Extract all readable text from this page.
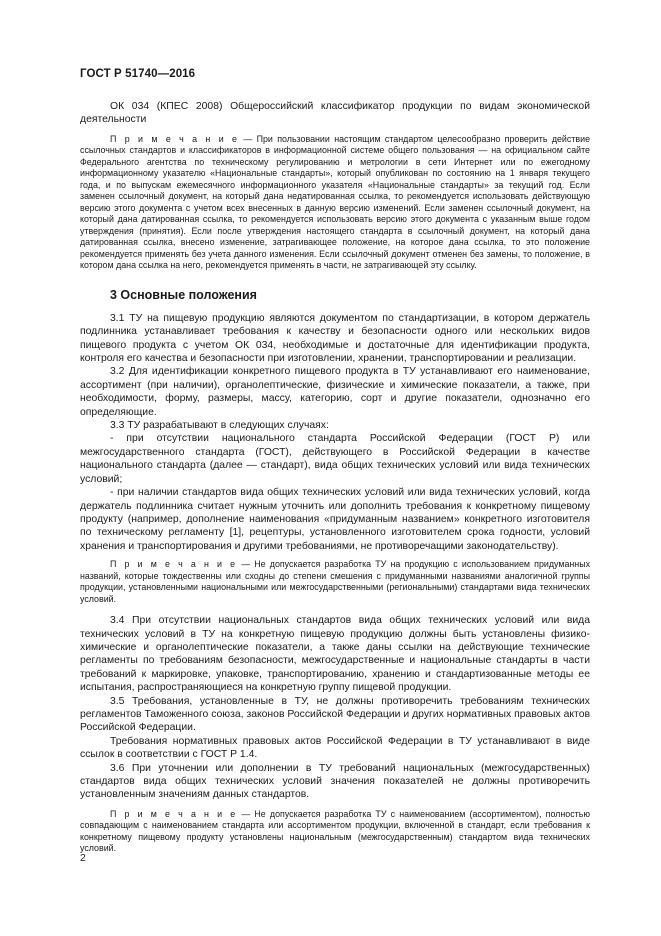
ГОСТ Р 51740—2016

ОК 034 (КПЕС 2008) Общероссийский классификатор продукции по видам экономической деятельности

П р и м е ч а н и е — При пользовании настоящим стандартом целесообразно проверить действие ссылочных стандартов и классификаторов в информационной системе общего пользования — на официальном сайте Федерального агентства по техническому регулированию и метрологии в сети Интернет или по ежегодному информационному указателю «Национальные стандарты», который опубликован по состоянию на 1 января текущего года, и по выпускам ежемесячного информационного указателя «Национальные стандарты» за текущий год. Если заменен ссылочный документ, на который дана недатированная ссылка, то рекомендуется использовать действующую версию этого документа с учетом всех внесенных в данную версию изменений. Если заменен ссылочный документ, на который дана датированная ссылка, то рекомендуется использовать версию этого документа с указанным выше годом утверждения (принятия). Если после утверждения настоящего стандарта в ссылочный документ, на который дана датированная ссылка, внесено изменение, затрагивающее положение, на которое дана ссылка, то это положение рекомендуется применять без учета данного изменения. Если ссылочный документ отменен без замены, то положение, в котором дана ссылка на него, рекомендуется применять в части, не затрагивающей эту ссылку.

3 Основные положения

3.1 ТУ на пищевую продукцию являются документом по стандартизации, в котором держатель подлинника устанавливает требования к качеству и безопасности одного или нескольких видов пищевого продукта с учетом ОК 034, необходимые и достаточные для идентификации продукта, контроля его качества и безопасности при изготовлении, хранении, транспортировании и реализации.

3.2 Для идентификации конкретного пищевого продукта в ТУ устанавливают его наименование, ассортимент (при наличии), органолептические, физические и химические показатели, а также, при необходимости, форму, размеры, массу, категорию, сорт и другие показатели, однозначно его определяющие.

3.3 ТУ разрабатывают в следующих случаях:

- при отсутствии национального стандарта Российской Федерации (ГОСТ Р) или межгосударственного стандарта (ГОСТ), действующего в Российской Федерации в качестве национального стандарта (далее — стандарт), вида общих технических условий или вида технических условий;

- при наличии стандартов вида общих технических условий или вида технических условий, когда держатель подлинника считает нужным уточнить или дополнить требования к конкретному пищевому продукту (например, дополнение наименования «придуманным названием» конкретного изготовителя по техническому регламенту [1], рецептуры, установленного изготовителем срока годности, условий хранения и транспортирования и другими требованиями, не противоречащими законодательству).

П р и м е ч а н и е — Не допускается разработка ТУ на продукцию с использованием придуманных названий, которые тождественны или сходны до степени смешения с придуманными названиями аналогичной группы продукции, установленными национальными или межгосударственными (региональными) стандартами вида технических условий.

3.4 При отсутствии национальных стандартов вида общих технических условий или вида технических условий в ТУ на конкретную пищевую продукцию должны быть установлены физико-химические и органолептические показатели, а также даны ссылки на действующие технические регламенты по требованиям безопасности, межгосударственные и национальные стандарты в части требований к маркировке, упаковке, транспортированию, хранению и стандартизованные методы ее испытания, распространяющиеся на конкретную группу пищевой продукции.

3.5 Требования, установленные в ТУ, не должны противоречить требованиям технических регламентов Таможенного союза, законов Российской Федерации и других нормативных правовых актов Российской Федерации.

Требования нормативных правовых актов Российской Федерации в ТУ устанавливают в виде ссылок в соответствии с ГОСТ Р 1.4.

3.6 При уточнении или дополнении в ТУ требований национальных (межгосударственных) стандартов вида общих технических условий значения показателей не должны противоречить установленным значениям данных стандартов.

П р и м е ч а н и е — Не допускается разработка ТУ с наименованием (ассортиментом), полностью совпадающим с наименованием стандарта или ассортиментом продукции, включенной в стандарт, если требования к конкретному пищевому продукту установлены национальным (межгосударственным) стандартом вида технических условий.

2
